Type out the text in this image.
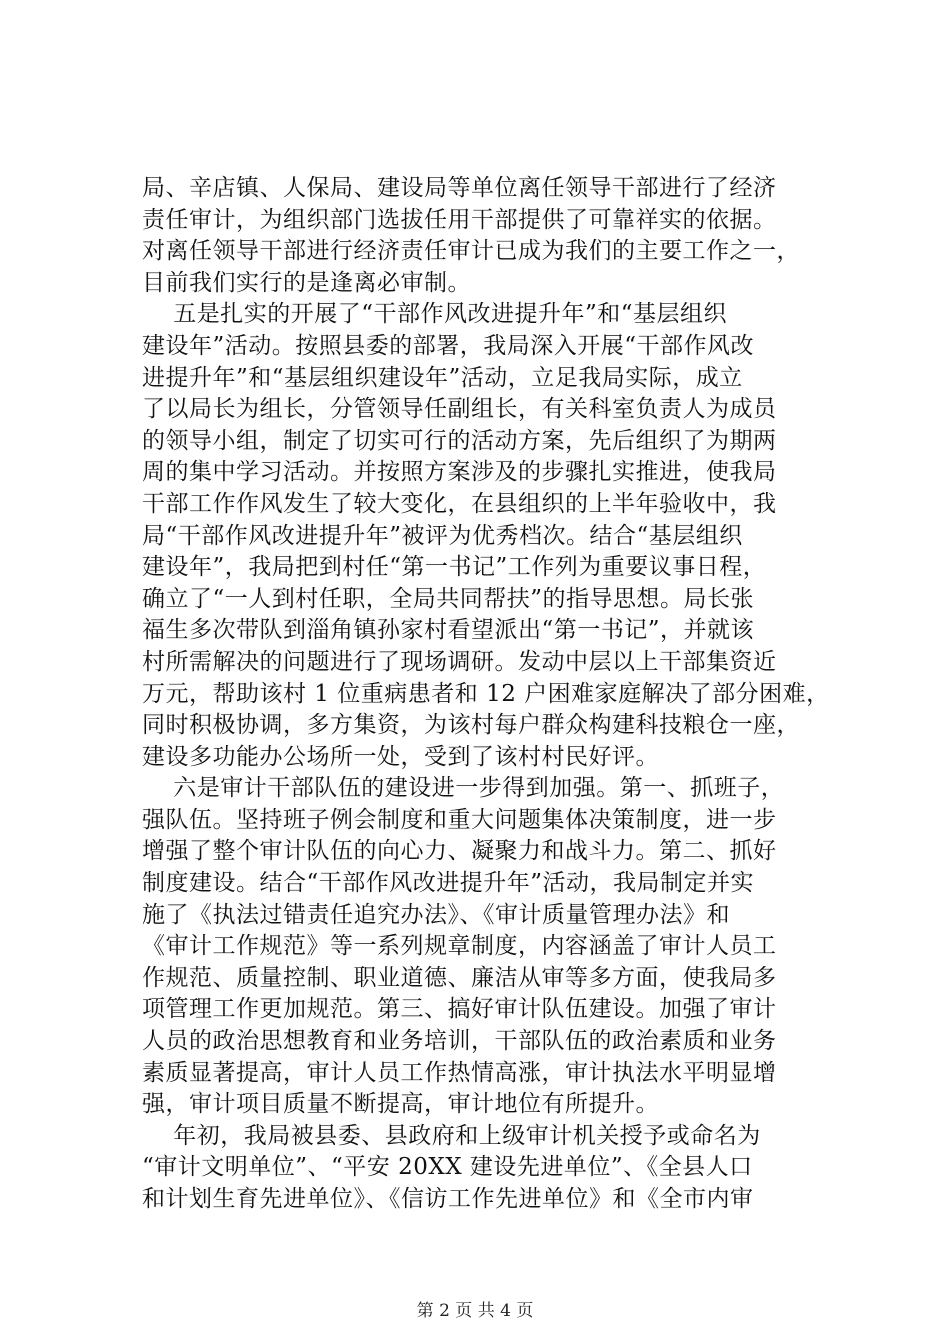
局、辛店镇、人保局、建设局等单位离任领导干部进行了经济
责任审计，为组织部门选拔任用干部提供了可靠祥实的依据。
对离任领导干部进行经济责任审计已成为我们的主要工作之一，
目前我们实行的是逢离必审制。
五是扎实的开展了“干部作风改进提升年”和“基层组织
建设年”活动。按照县委的部署，我局深入开展“干部作风改
进提升年”和“基层组织建设年”活动，立足我局实际，成立
了以局长为组长，分管领导任副组长，有关科室负责人为成员
的领导小组，制定了切实可行的活动方案，先后组织了为期两
周的集中学习活动。并按照方案涉及的步骤扎实推进，使我局
干部工作作风发生了较大变化，在县组织的上半年验收中，我
局“干部作风改进提升年”被评为优秀档次。结合“基层组织
建设年”，我局把到村任“第一书记”工作列为重要议事日程，
确立了“一人到村任职，全局共同帮扶”的指导思想。局长张
福生多次带队到淄角镇孙家村看望派出“第一书记”，并就该
村所需解决的问题进行了现场调研。发动中层以上干部集资近
万元，帮助该村 1 位重病患者和 12 户困难家庭解决了部分困难，
同时积极协调，多方集资，为该村每户群众构建科技粮仓一座，
建设多功能办公场所一处，受到了该村村民好评。
六是审计干部队伍的建设进一步得到加强。第一、抓班子，
强队伍。坚持班子例会制度和重大问题集体决策制度，进一步
增强了整个审计队伍的向心力、凝聚力和战斗力。第二、抓好
制度建设。结合“干部作风改进提升年”活动，我局制定并实
施了《执法过错责任追究办法》、《审计质量管理办法》和
《审计工作规范》等一系列规章制度，内容涵盖了审计人员工
作规范、质量控制、职业道德、廉洁从审等多方面，使我局多
项管理工作更加规范。第三、搞好审计队伍建设。加强了审计
人员的政治思想教育和业务培训，干部队伍的政治素质和业务
素质显著提高，审计人员工作热情高涨，审计执法水平明显增
强，审计项目质量不断提高，审计地位有所提升。
年初，我局被县委、县政府和上级审计机关授予或命名为
“审计文明单位”、“平安 20XX 建设先进单位”、《全县人口
和计划生育先进单位》、《信访工作先进单位》和《全市内审
第 2 页 共 4 页
